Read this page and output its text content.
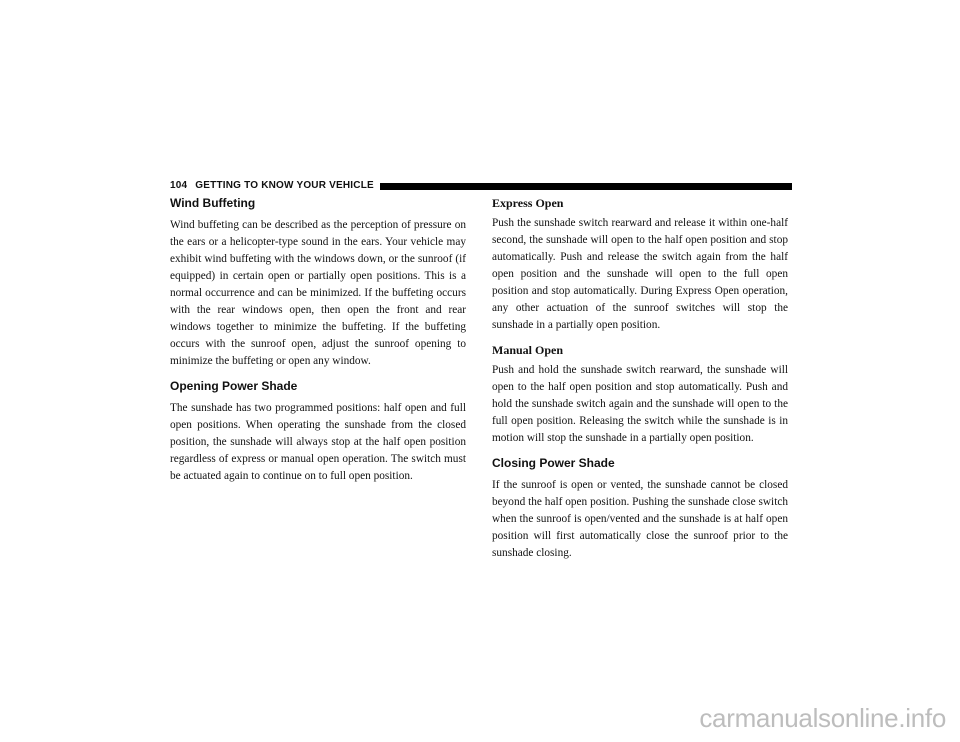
104 GETTING TO KNOW YOUR VEHICLE
Wind Buffeting

Wind buffeting can be described as the perception of pressure on the ears or a helicopter-type sound in the ears. Your vehicle may exhibit wind buffeting with the windows down, or the sunroof (if equipped) in certain open or partially open positions. This is a normal occurrence and can be minimized. If the buffeting occurs with the rear windows open, then open the front and rear windows together to minimize the buffeting. If the buffeting occurs with the sunroof open, adjust the sunroof opening to minimize the buffeting or open any window.

Opening Power Shade

The sunshade has two programmed positions: half open and full open positions. When operating the sunshade from the closed position, the sunshade will always stop at the half open position regardless of express or manual open operation. The switch must be actuated again to continue on to full open position.

Express Open

Push the sunshade switch rearward and release it within one-half second, the sunshade will open to the half open position and stop automatically. Push and release the switch again from the half open position and the sunshade will open to the full open position and stop automatically. During Express Open operation, any other actuation of the sunroof switches will stop the sunshade in a partially open position.

Manual Open

Push and hold the sunshade switch rearward, the sunshade will open to the half open position and stop automatically. Push and hold the sunshade switch again and the sunshade will open to the full open position. Releasing the switch while the sunshade is in motion will stop the sunshade in a partially open position.

Closing Power Shade

If the sunroof is open or vented, the sunshade cannot be closed beyond the half open position. Pushing the sunshade close switch when the sunroof is open/vented and the sunshade is at half open position will first automatically close the sunroof prior to the sunshade closing.

carmanualsonline.info
